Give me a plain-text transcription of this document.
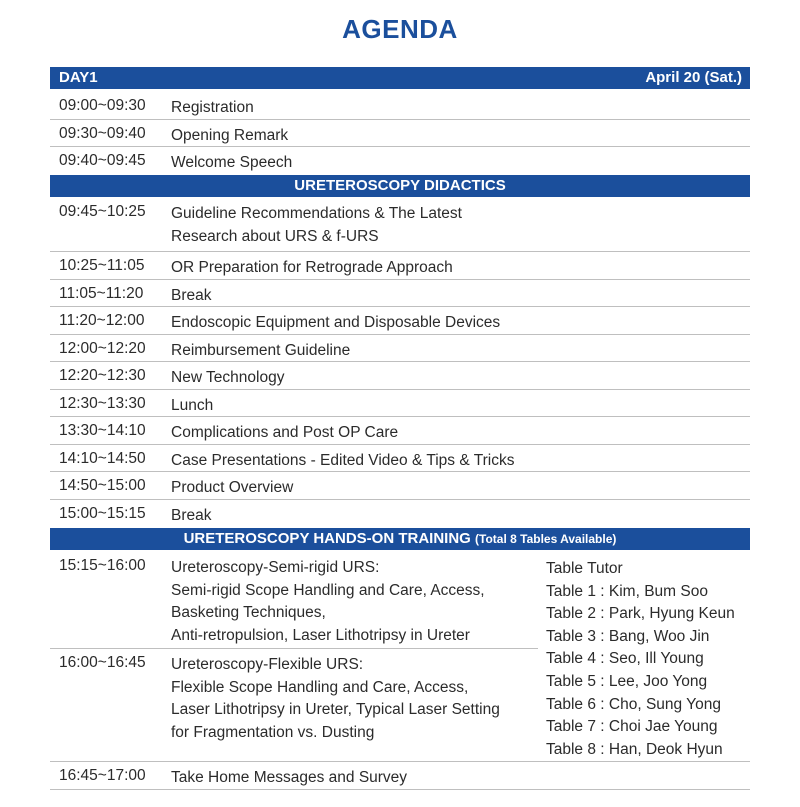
AGENDA
DAY1	April 20 (Sat.)
09:00~09:30 Registration
09:30~09:40 Opening Remark
09:40~09:45 Welcome Speech
URETEROSCOPY DIDACTICS
09:45~10:25 Guideline Recommendations & The Latest
Research about URS & f-URS
10:25~11:05 OR Preparation for Retrograde Approach
11:05~11:20 Break
11:20~12:00 Endoscopic Equipment and Disposable Devices
12:00~12:20 Reimbursement Guideline
12:20~12:30 New Technology
12:30~13:30 Lunch
13:30~14:10 Complications and Post OP Care
14:10~14:50 Case Presentations - Edited Video & Tips & Tricks
14:50~15:00 Product Overview
15:00~15:15 Break
URETEROSCOPY HANDS-ON TRAINING (Total 8 Tables Available)
15:15~16:00 Ureteroscopy-Semi-rigid URS:
Semi-rigid Scope Handling and Care, Access,
Basketing Techniques,
Anti-retropulsion, Laser Lithotripsy in Ureter
16:00~16:45 Ureteroscopy-Flexible URS:
Flexible Scope Handling and Care, Access,
Laser Lithotripsy in Ureter, Typical Laser Setting
for Fragmentation vs. Dusting
Table Tutor
Table 1 : Kim, Bum Soo
Table 2 : Park, Hyung Keun
Table 3 : Bang, Woo Jin
Table 4 : Seo, Ill Young
Table 5 : Lee, Joo Yong
Table 6 : Cho, Sung Yong
Table 7 : Choi Jae Young
Table 8 : Han, Deok Hyun
16:45~17:00 Take Home Messages and Survey
